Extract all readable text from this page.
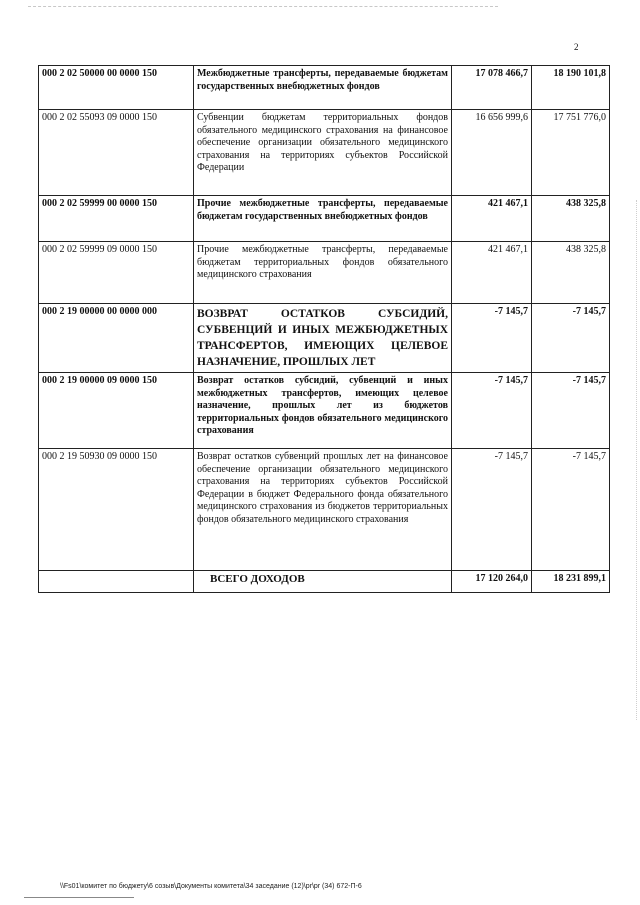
2
000 2 02 50000 00 0000 150	Межбюджетные трансферты, передаваемые бюджетам государственных внебюджетных фондов	17 078 466,7	18 190 101,8
000 2 02 55093 09 0000 150	Субвенции бюджетам территориальных фондов обязательного медицинского страхования на финансовое обеспечение организации обязательного медицинского страхования на территориях субъектов Российской Федерации	16 656 999,6	17 751 776,0
000 2 02 59999 00 0000 150	Прочие межбюджетные трансферты, передаваемые бюджетам государственных внебюджетных фондов	421 467,1	438 325,8
000 2 02 59999 09 0000 150	Прочие межбюджетные трансферты, передаваемые бюджетам территориальных фондов обязательного медицинского страхования	421 467,1	438 325,8
000 2 19 00000 00 0000 000	ВОЗВРАТ ОСТАТКОВ СУБСИДИЙ, СУБВЕНЦИЙ И ИНЫХ МЕЖБЮДЖЕТНЫХ ТРАНСФЕРТОВ, ИМЕЮЩИХ ЦЕЛЕВОЕ НАЗНАЧЕНИЕ, ПРОШЛЫХ ЛЕТ	-7 145,7	-7 145,7
000 2 19 00000 09 0000 150	Возврат остатков субсидий, субвенций и иных межбюджетных трансфертов, имеющих целевое назначение, прошлых лет из бюджетов территориальных фондов обязательного медицинского страхования	-7 145,7	-7 145,7
000 2 19 50930 09 0000 150	Возврат остатков субвенций прошлых лет на финансовое обеспечение организации обязательного медицинского страхования на территориях субъектов Российской Федерации в бюджет Федерального фонда обязательного медицинского страхования из бюджетов территориальных фондов обязательного медицинского страхования	-7 145,7	-7 145,7
	ВСЕГО ДОХОДОВ	17 120 264,0	18 231 899,1
\\Fs01\комитет по бюджету\6 созыв\Документы комитета\34 заседание (12)\pr\pr (34) 672-П-6
